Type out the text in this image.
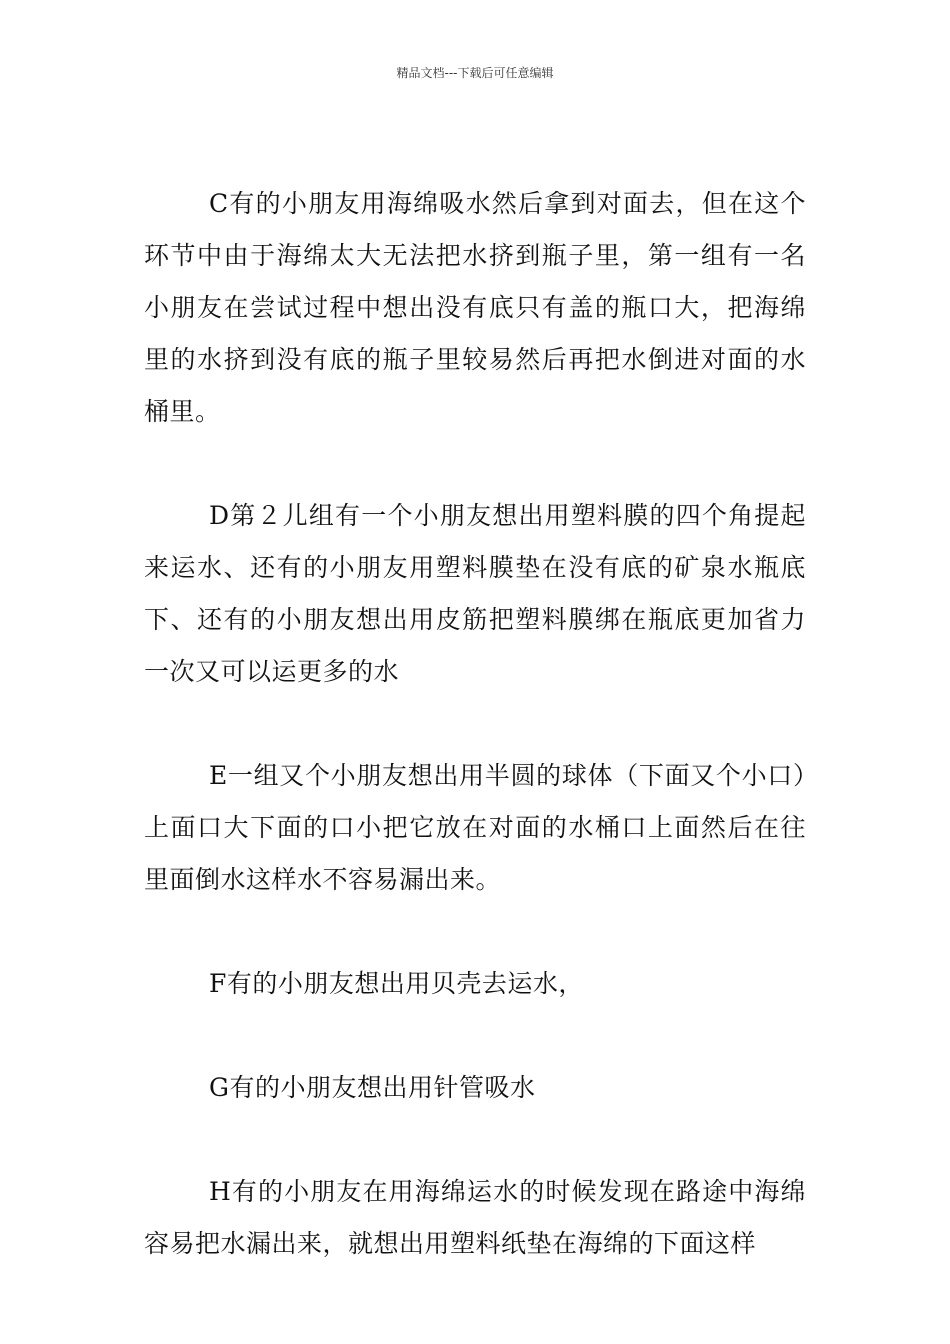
精品文档---下载后可任意编辑

C有的小朋友用海绵吸水然后拿到对面去，但在这个环节中由于海绵太大无法把水挤到瓶子里，第一组有一名小朋友在尝试过程中想出没有底只有盖的瓶口大，把海绵里的水挤到没有底的瓶子里较易然后再把水倒进对面的水桶里。

D第２儿组有一个小朋友想出用塑料膜的四个角提起来运水、还有的小朋友用塑料膜垫在没有底的矿泉水瓶底下、还有的小朋友想出用皮筋把塑料膜绑在瓶底更加省力一次又可以运更多的水

E一组又个小朋友想出用半圆的球体（下面又个小口）上面口大下面的口小把它放在对面的水桶口上面然后在往里面倒水这样水不容易漏出来。

F有的小朋友想出用贝壳去运水，

G有的小朋友想出用针管吸水

H有的小朋友在用海绵运水的时候发现在路途中海绵容易把水漏出来，就想出用塑料纸垫在海绵的下面这样
